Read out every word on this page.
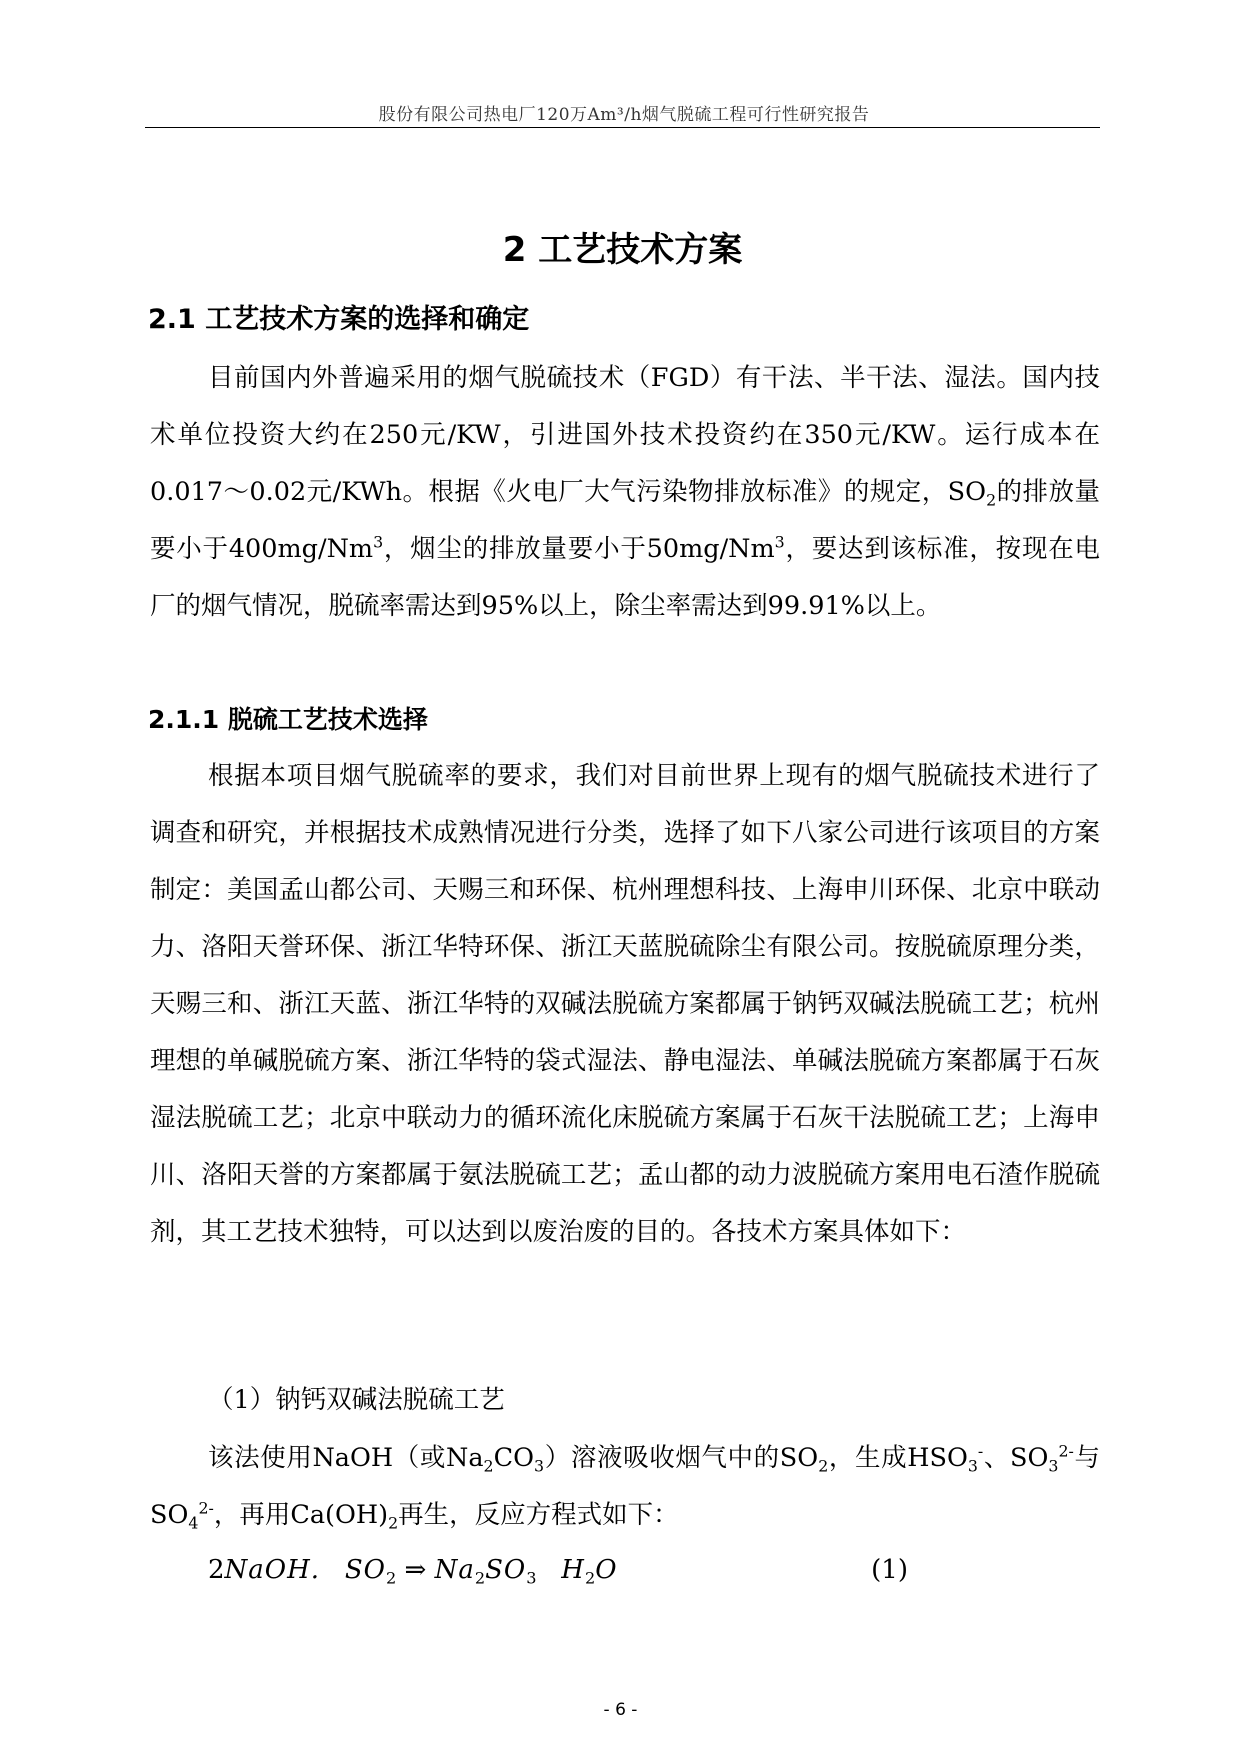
股份有限公司热电厂120万Am³/h烟气脱硫工程可行性研究报告
2 工艺技术方案
2.1 工艺技术方案的选择和确定

目前国内外普遍采用的烟气脱硫技术（FGD）有干法、半干法、湿法。国内技术单位投资大约在250元/KW，引进国外技术投资约在350元/KW。运行成本在0.017～0.02元/KWh。根据《火电厂大气污染物排放标准》的规定，$SO_2$的排放量要小于400mg/Nm$^3$，烟尘的排放量要小于50mg/Nm$^3$，要达到该标准，按现在电厂的烟气情况，脱硫率需达到95%以上，除尘率需达到99.91%以上。

2.1.1 脱硫工艺技术选择

根据本项目烟气脱硫率的要求，我们对目前世界上现有的烟气脱硫技术进行了调查和研究，并根据技术成熟情况进行分类，选择了如下八家公司进行该项目的方案制定：美国孟山都公司、天赐三和环保、杭州理想科技、上海申川环保、北京中联动力、洛阳天誉环保、浙江华特环保、浙江天蓝脱硫除尘有限公司。按脱硫原理分类，天赐三和、浙江天蓝、浙江华特的双碱法脱硫方案都属于钠钙双碱法脱硫工艺；杭州理想的单碱脱硫方案、浙江华特的袋式湿法、静电湿法、单碱法脱硫方案都属于石灰湿法脱硫工艺；北京中联动力的循环流化床脱硫方案属于石灰干法脱硫工艺；上海申川、洛阳天誉的方案都属于氨法脱硫工艺；孟山都的动力波脱硫方案用电石渣作脱硫剂，其工艺技术独特，可以达到以废治废的目的。各技术方案具体如下：

（1）钠钙双碱法脱硫工艺

该法使用NaOH（或$Na_2CO_3$）溶液吸收烟气中的$SO_2$，生成$HSO_3^-$、$SO_3^{2-}$与$SO_4^{2-}$，再用$Ca(OH)_2$再生，反应方程式如下：

2NaOH. $SO_2$ ⇒ $Na_2SO_3$ $H_2O$	(1)
- 6 -
